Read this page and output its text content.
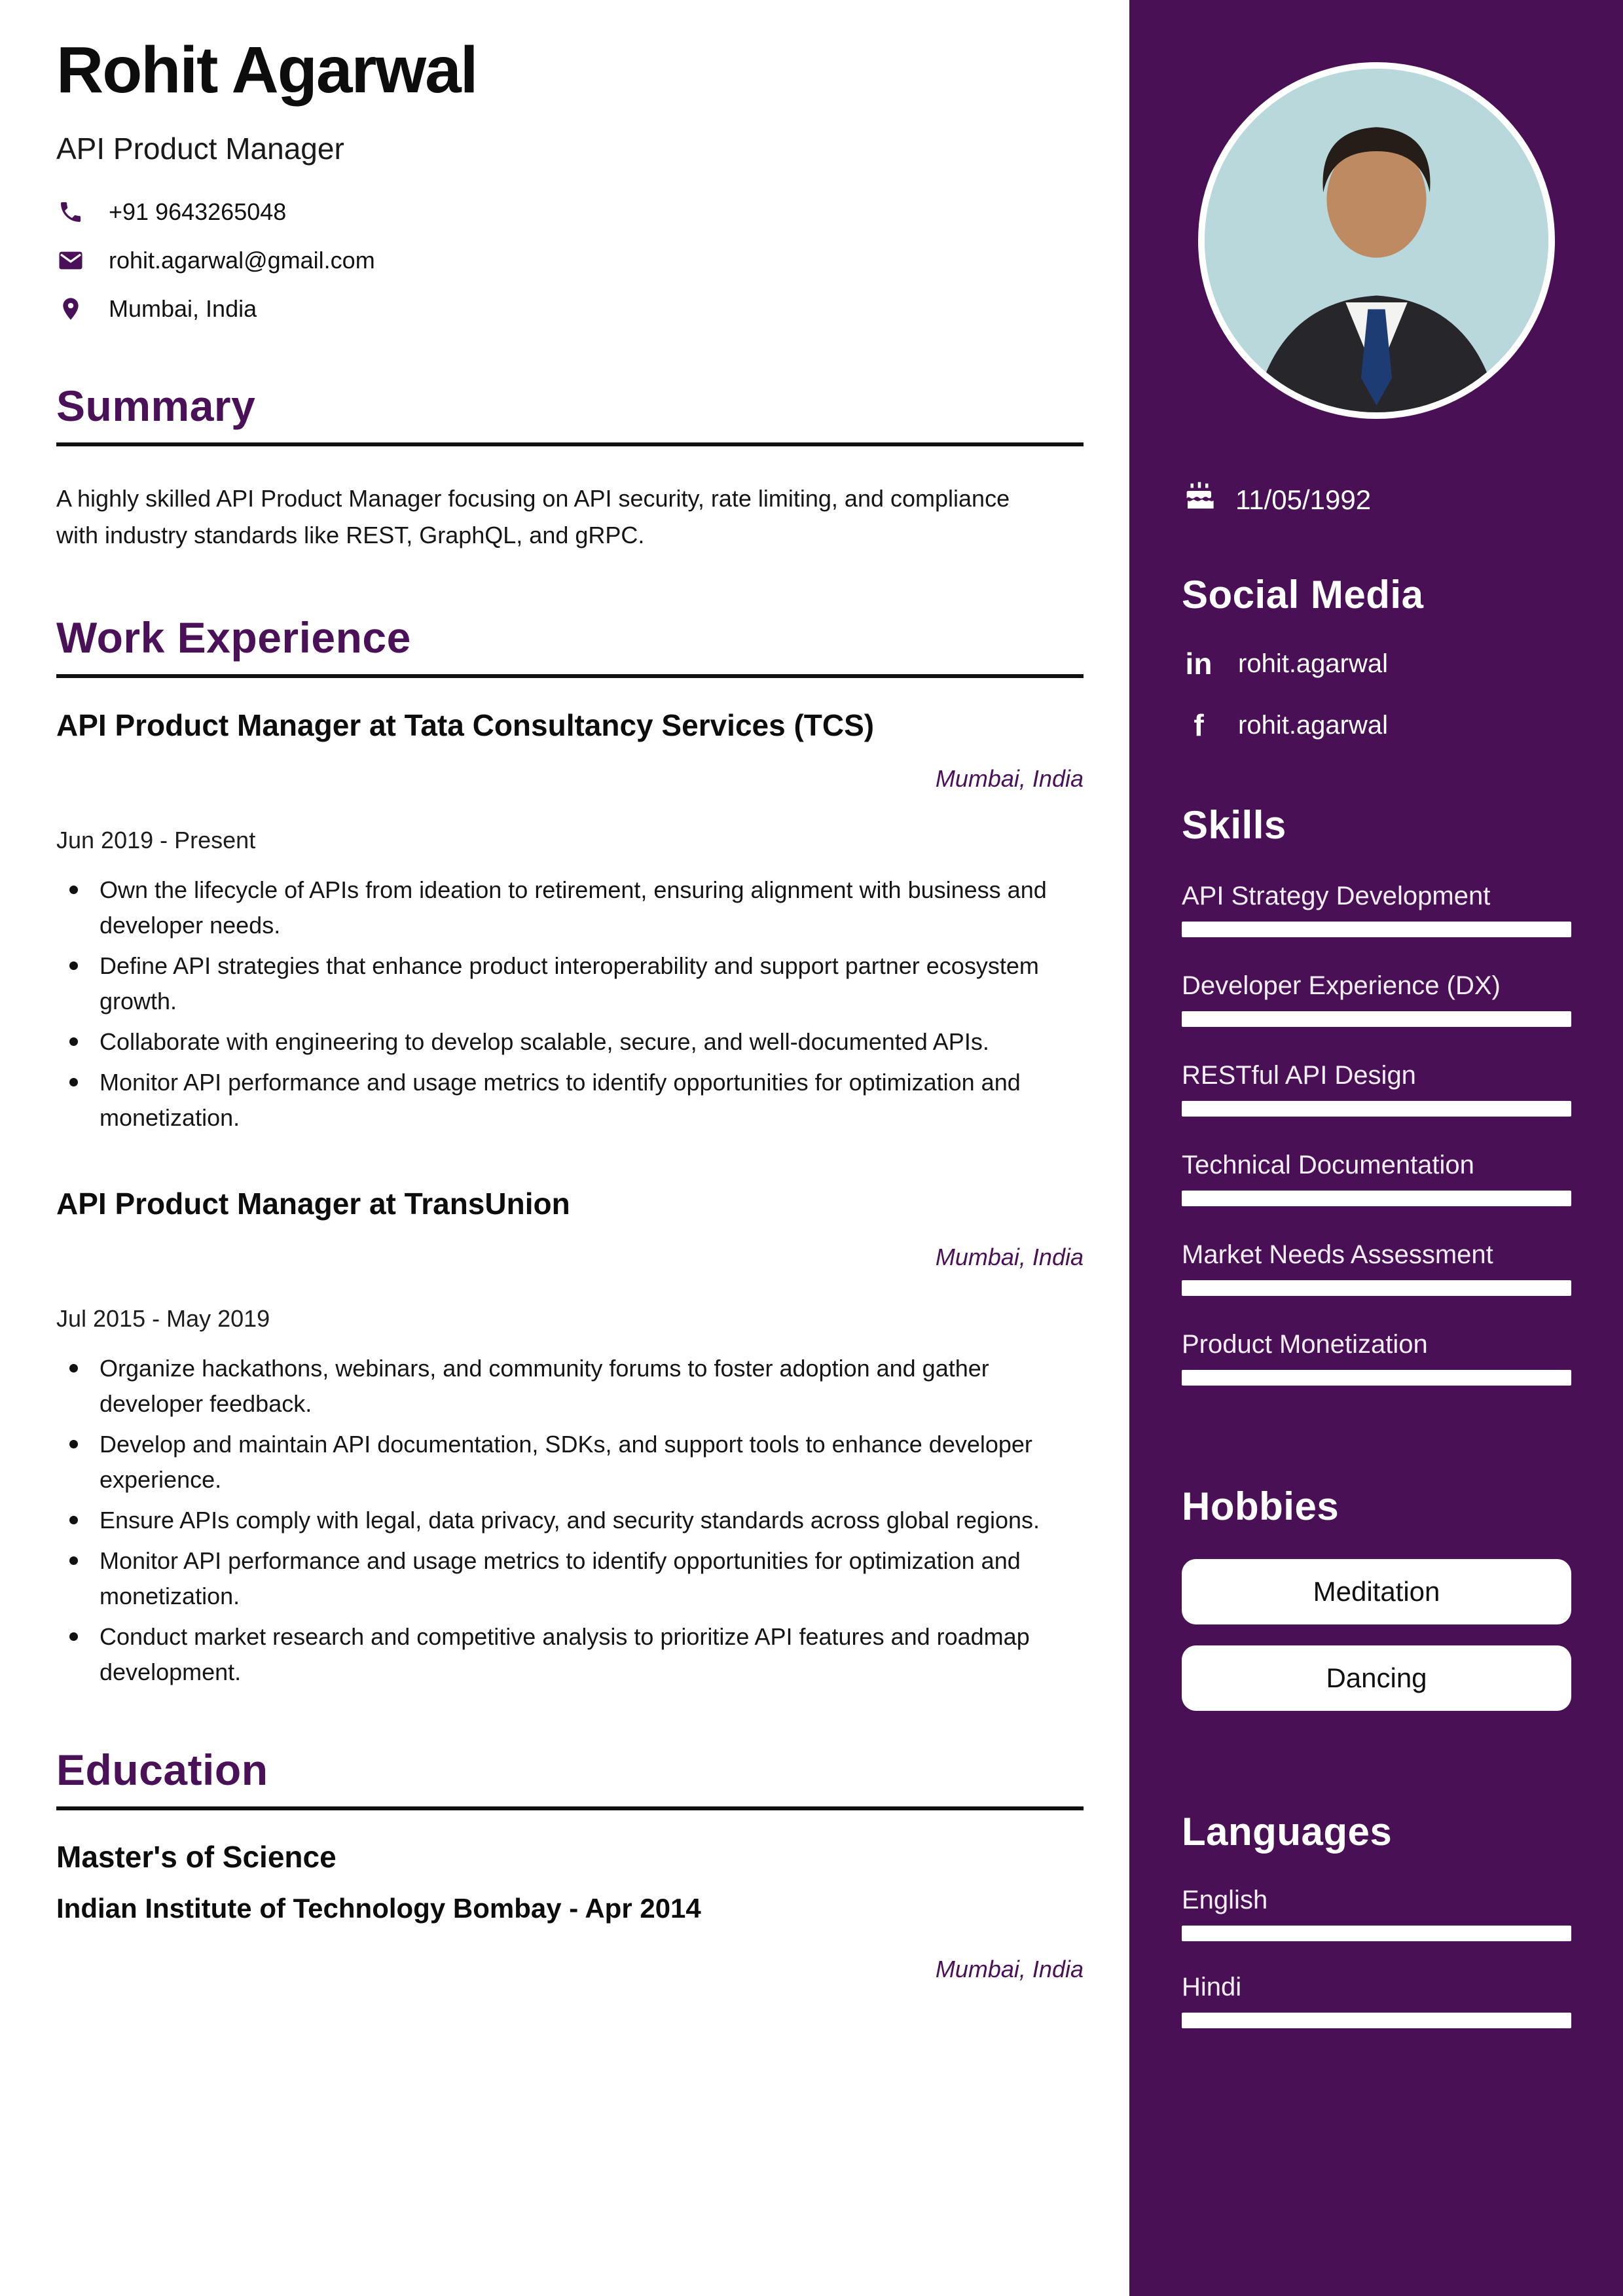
Rohit Agarwal
API Product Manager
+91 9643265048
rohit.agarwal@gmail.com
Mumbai, India
Summary

A highly skilled API Product Manager focusing on API security, rate limiting, and compliance with industry standards like REST, GraphQL, and gRPC.

Work Experience
API Product Manager at Tata Consultancy Services (TCS)
Mumbai, India
Jun 2019 - Present
Own the lifecycle of APIs from ideation to retirement, ensuring alignment with business and developer needs.
Define API strategies that enhance product interoperability and support partner ecosystem growth.
Collaborate with engineering to develop scalable, secure, and well-documented APIs.
Monitor API performance and usage metrics to identify opportunities for optimization and monetization.
API Product Manager at TransUnion
Mumbai, India
Jul 2015 - May 2019
Organize hackathons, webinars, and community forums to foster adoption and gather developer feedback.
Develop and maintain API documentation, SDKs, and support tools to enhance developer experience.
Ensure APIs comply with legal, data privacy, and security standards across global regions.
Monitor API performance and usage metrics to identify opportunities for optimization and monetization.
Conduct market research and competitive analysis to prioritize API features and roadmap development.
Education
Master's of Science
Indian Institute of Technology Bombay - Apr 2014
Mumbai, India
11/05/1992
Social Media
in rohit.agarwal
f	rohit.agarwal
Skills
API Strategy Development
Developer Experience (DX)
RESTful API Design
Technical Documentation
Market Needs Assessment
Product Monetization
Hobbies
Meditation
Dancing
Languages
English
Hindi
